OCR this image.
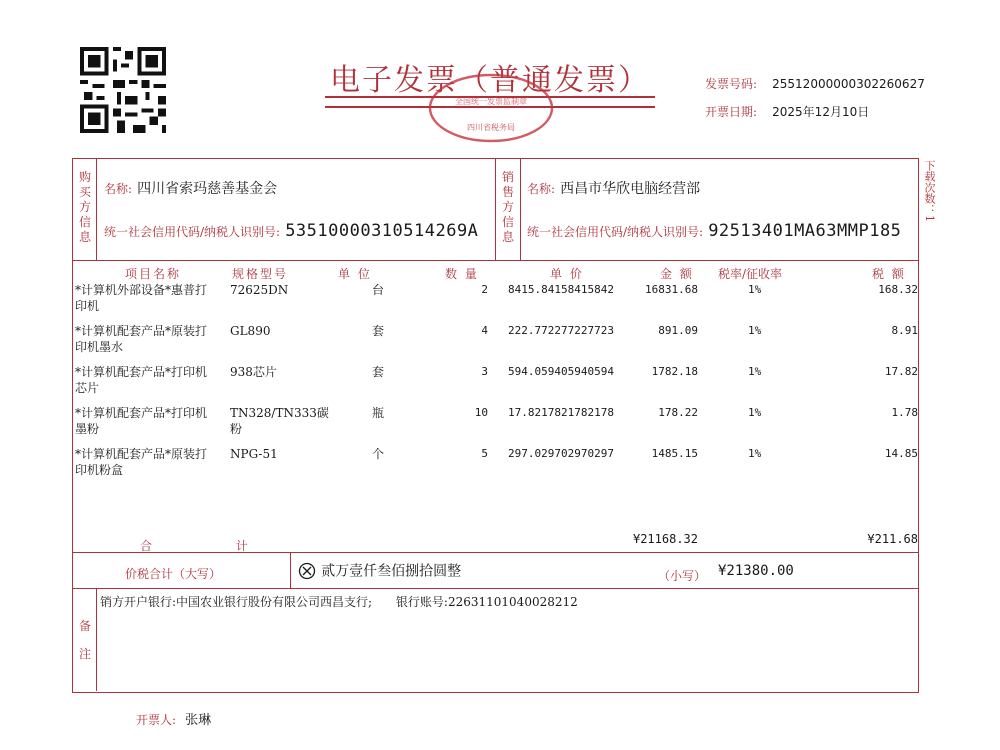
电子发票（普通发票）
全国统一发票监制章
四川省税务局
发票号码: 25512000000302260627
开票日期: 2025年12月10日
下载次数：1
购
买
方
信
息
名称: 四川省索玛慈善基金会
统一社会信用代码/纳税人识别号: 535100003105142​69A
销
售
方
信
息
名称: 西昌市华欣电脑经营部
统一社会信用代码/纳税人识别号: 92513401MA63MMP185
项目名称	规格型号	单 位	数 量	单 价	金 额 税率/征收率	税 额
*计算机外部设备*惠普打
印机
72625DN	台	2 8415.84158415842	16831.68	1%	168.32
*计算机配套产品*原装打
印机墨水
GL890	套	4 222.772277227723	891.09	1%	8.91
*计算机配套产品*打印机
芯片
938芯片	套	3 594.059405940594	1782.18	1%	17.82
*计算机配套产品*打印机
墨粉
TN328/TN333碳
粉
瓶	10 17.8217821782178	178.22	1%	1.78
*计算机配套产品*原装打
印机粉盒
NPG-51	个	5 297.029702970297	1485.15	1%	14.85
合 计	¥21168.32	¥211.68
价税合计（大写）	贰万壹仟叁佰捌拾圆整	（小写） ¥21380.00
备
注
销方开户银行:中国农业银行股份有限公司西昌支行; 银行账号:22631101040028212
开票人: 张琳
